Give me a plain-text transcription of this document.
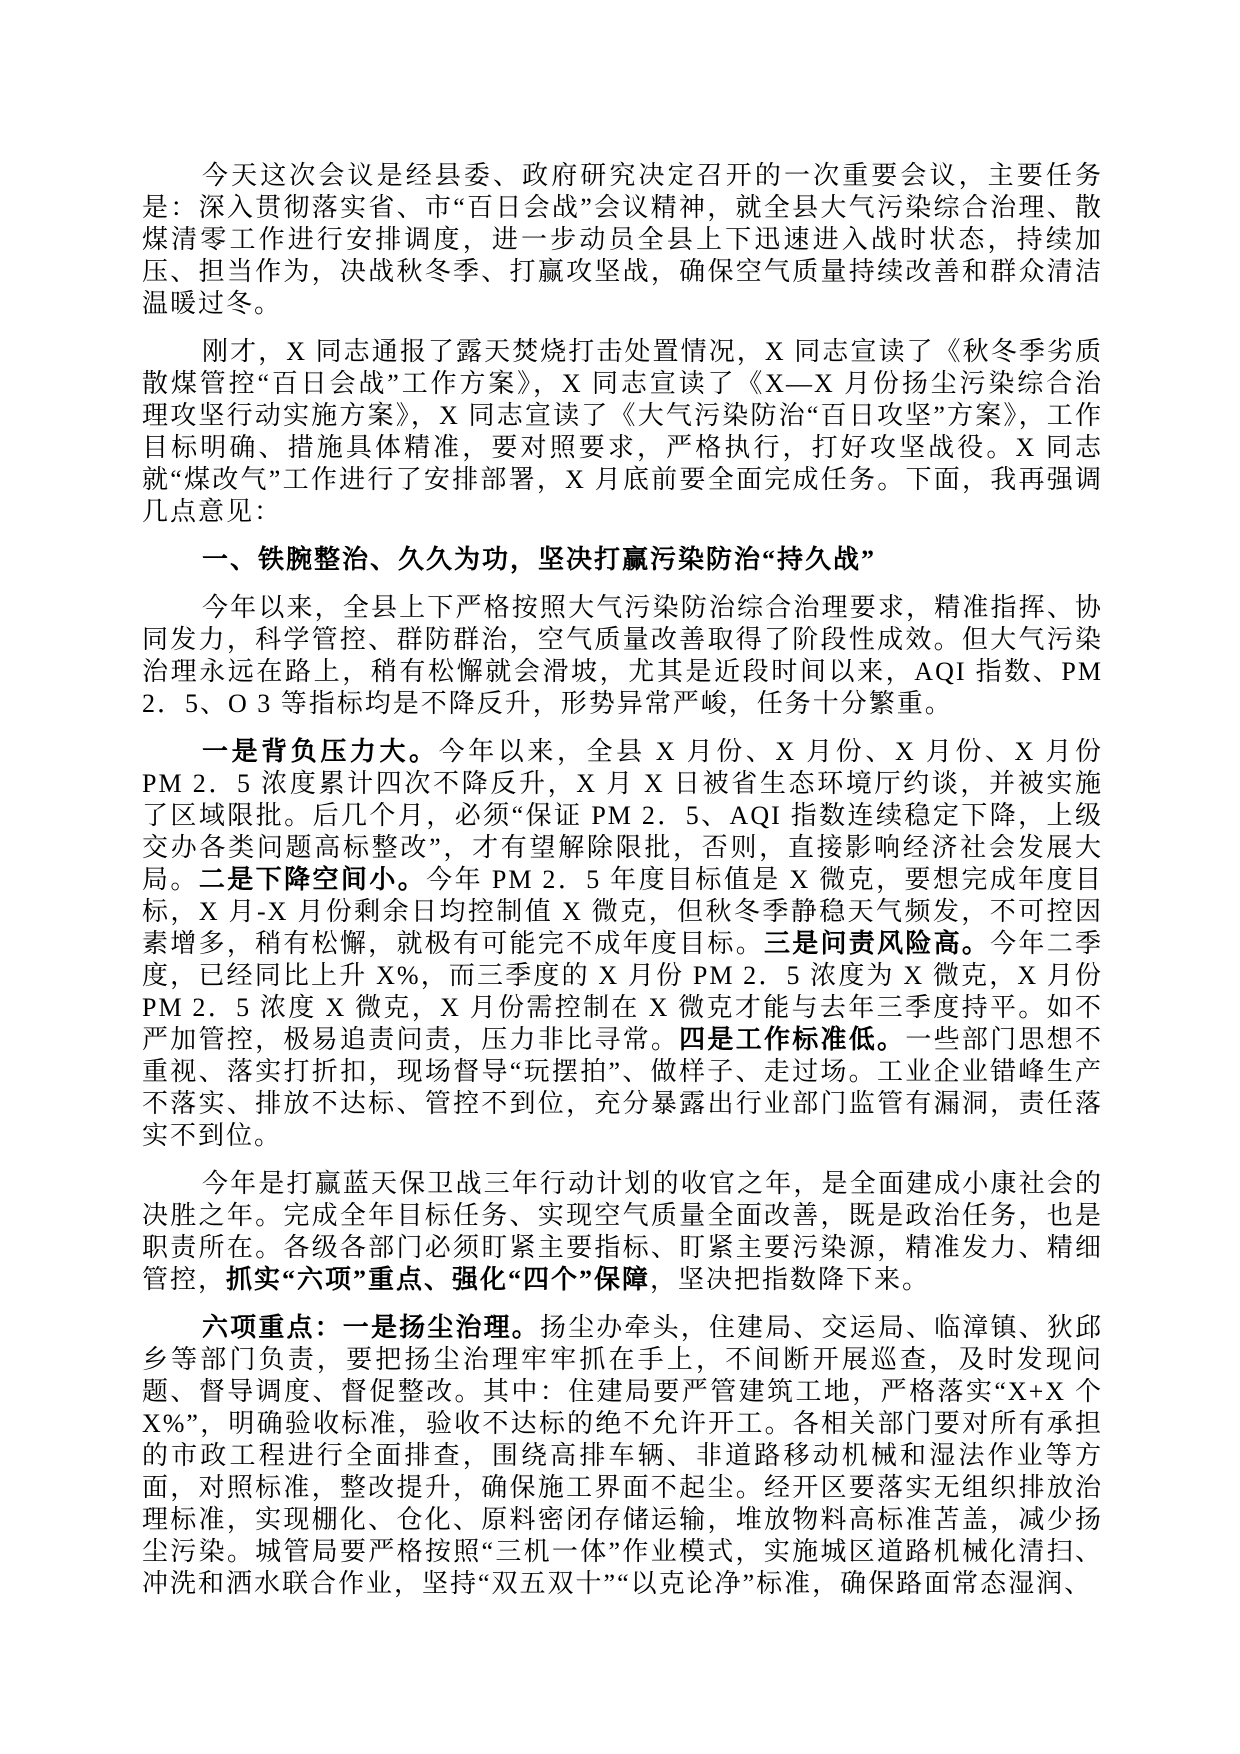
今天这次会议是经县委、政府研究决定召开的一次重要会议，主要任务是：深入贯彻落实省、市“百日会战”会议精神，就全县大气污染综合治理、散煤清零工作进行安排调度，进一步动员全县上下迅速进入战时状态，持续加压、担当作为，决战秋冬季、打赢攻坚战，确保空气质量持续改善和群众清洁温暖过冬。

刚才，X 同志通报了露天焚烧打击处置情况，X 同志宣读了《秋冬季劣质散煤管控“百日会战”工作方案》，X 同志宣读了《X—X 月份扬尘污染综合治理攻坚行动实施方案》，X 同志宣读了《大气污染防治“百日攻坚”方案》，工作目标明确、措施具体精准，要对照要求，严格执行，打好攻坚战役。X 同志就“煤改气”工作进行了安排部署，X 月底前要全面完成任务。下面，我再强调几点意见：

一、铁腕整治、久久为功，坚决打赢污染防治“持久战”

今年以来，全县上下严格按照大气污染防治综合治理要求，精准指挥、协同发力，科学管控、群防群治，空气质量改善取得了阶段性成效。但大气污染治理永远在路上，稍有松懈就会滑坡，尤其是近段时间以来，AQI 指数、PM 2．5、O 3 等指标均是不降反升，形势异常严峻，任务十分繁重。

一是背负压力大。今年以来，全县 X 月份、X 月份、X 月份、X 月份 PM 2．5 浓度累计四次不降反升，X 月 X 日被省生态环境厅约谈，并被实施了区域限批。后几个月，必须“保证 PM 2．5、AQI 指数连续稳定下降，上级交办各类问题高标整改”，才有望解除限批，否则，直接影响经济社会发展大局。二是下降空间小。今年 PM 2．5 年度目标值是 X 微克，要想完成年度目标，X 月-X 月份剩余日均控制值 X 微克，但秋冬季静稳天气频发，不可控因素增多，稍有松懈，就极有可能完不成年度目标。三是问责风险高。今年二季度，已经同比上升 X%，而三季度的 X 月份 PM 2．5 浓度为 X 微克，X 月份 PM 2．5 浓度 X 微克，X 月份需控制在 X 微克才能与去年三季度持平。如不严加管控，极易追责问责，压力非比寻常。四是工作标准低。一些部门思想不重视、落实打折扣，现场督导“玩摆拍”、做样子、走过场。工业企业错峰生产不落实、排放不达标、管控不到位，充分暴露出行业部门监管有漏洞，责任落实不到位。

今年是打赢蓝天保卫战三年行动计划的收官之年，是全面建成小康社会的决胜之年。完成全年目标任务、实现空气质量全面改善，既是政治任务，也是职责所在。各级各部门必须盯紧主要指标、盯紧主要污染源，精准发力、精细管控，抓实“六项”重点、强化“四个”保障，坚决把指数降下来。

六项重点：一是扬尘治理。扬尘办牵头，住建局、交运局、临漳镇、狄邱乡等部门负责，要把扬尘治理牢牢抓在手上，不间断开展巡查，及时发现问题、督导调度、督促整改。其中：住建局要严管建筑工地，严格落实“X+X 个 X%”，明确验收标准，验收不达标的绝不允许开工。各相关部门要对所有承担的市政工程进行全面排查，围绕高排车辆、非道路移动机械和湿法作业等方面，对照标准，整改提升，确保施工界面不起尘。经开区要落实无组织排放治理标准，实现棚化、仓化、原料密闭存储运输，堆放物料高标准苫盖，减少扬尘污染。城管局要严格按照“三机一体”作业模式，实施城区道路机械化清扫、冲洗和洒水联合作业，坚持“双五双十”“以克论净”标准，确保路面常态湿润、
